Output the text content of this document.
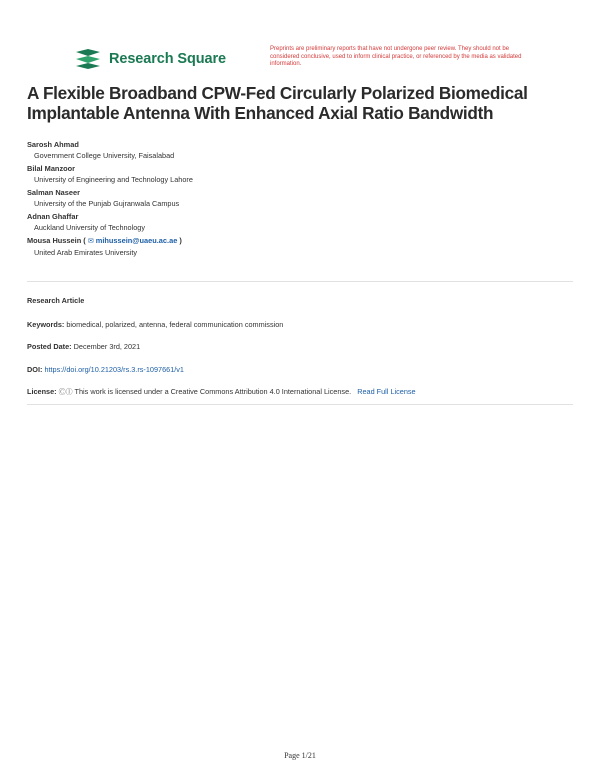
Research Square
Preprints are preliminary reports that have not undergone peer review. They should not be considered conclusive, used to inform clinical practice, or referenced by the media as validated information.
A Flexible Broadband CPW-Fed Circularly Polarized Biomedical Implantable Antenna With Enhanced Axial Ratio Bandwidth
Sarosh Ahmad
Government College University, Faisalabad
Bilal Manzoor
University of Engineering and Technology Lahore
Salman Naseer
University of the Punjab Gujranwala Campus
Adnan Ghaffar
Auckland University of Technology
Mousa Hussein ( ✉ mihussein@uaeu.ac.ae )
United Arab Emirates University
Research Article
Keywords: biomedical, polarized, antenna, federal communication commission
Posted Date: December 3rd, 2021
DOI: https://doi.org/10.21203/rs.3.rs-1097661/v1
License: ⒸⒾ This work is licensed under a Creative Commons Attribution 4.0 International License. Read Full License
Page 1/21
